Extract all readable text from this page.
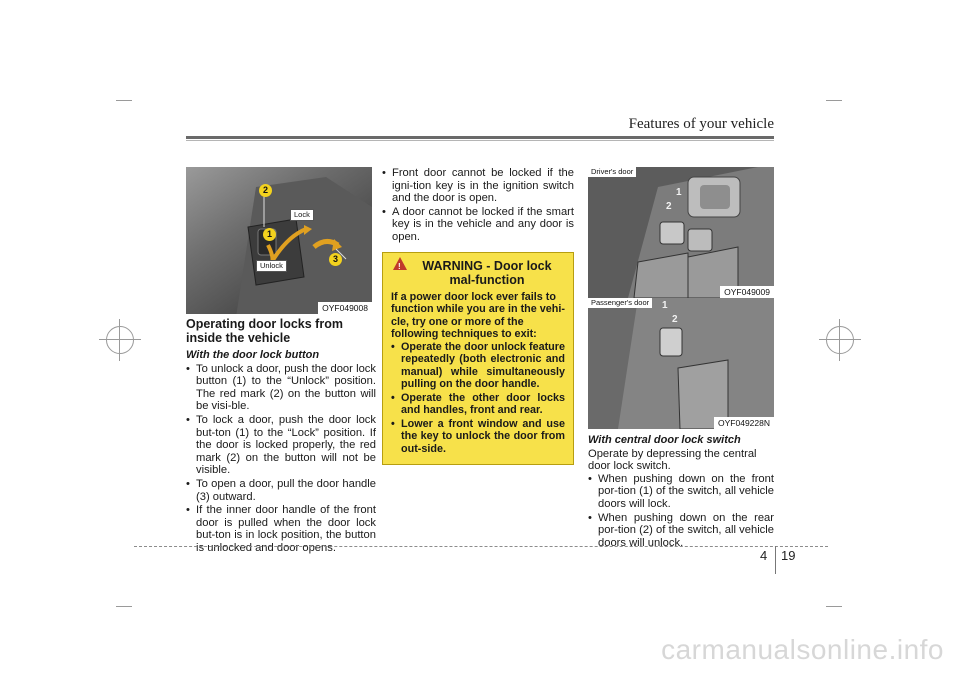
Features of your vehicle
2
1
3
Lock
Unlock
OYF049008
Operating door locks from inside the vehicle
With the door lock button
• To unlock a door, push the door lock button (1) to the “Unlock” position. The red mark (2) on the button will be visi-ble.
• To lock a door, push the door lock but-ton (1) to the “Lock” position. If the door is locked properly, the red mark (2) on the button will not be visible.
• To open a door, pull the door handle (3) outward.
• If the inner door handle of the front door is pulled when the door lock but-ton is in lock position, the button is unlocked and door opens.
• Front door cannot be locked if the igni-tion key is in the ignition switch and the door is open.
• A door cannot be locked if the smart key is in the vehicle and any door is open.
! WARNING - Door lock mal-function

If a power door lock ever fails to function while you are in the vehi-cle, try one or more of the following techniques to exit:

• Operate the door unlock feature repeatedly (both electronic and manual) while simultaneously pulling on the door handle.
• Operate the other door locks and handles, front and rear.
• Lower a front window and use the key to unlock the door from out-side.
Driver's door
1
2
OYF049009
Passenger's door	1
2
OYF049228N
With central door lock switch

Operate by depressing the central door lock switch.

• When pushing down on the front por-tion (1) of the switch, all vehicle doors will lock.
• When pushing down on the rear por-tion (2) of the switch, all vehicle doors will unlock.
4 19
carmanualsonline.info
